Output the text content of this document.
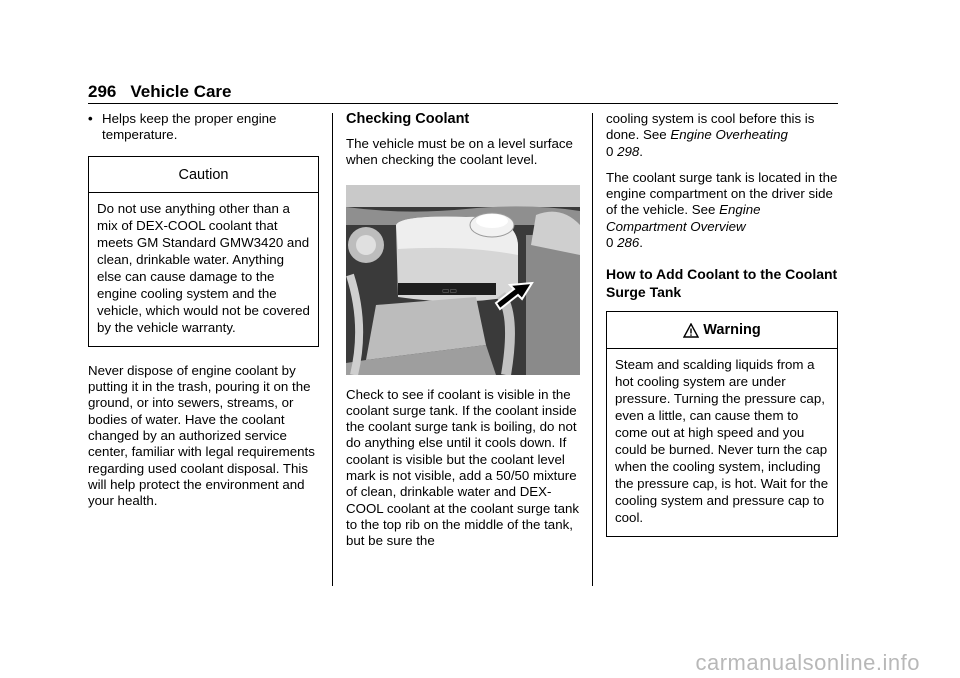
296 Vehicle Care
• Helps keep the proper engine temperature.
Caution
Do not use anything other than a mix of DEX-COOL coolant that meets GM Standard GMW3420 and clean, drinkable water. Anything else can cause damage to the engine cooling system and the vehicle, which would not be covered by the vehicle warranty.

Never dispose of engine coolant by putting it in the trash, pouring it on the ground, or into sewers, streams, or bodies of water. Have the coolant changed by an authorized service center, familiar with legal requirements regarding used coolant disposal. This will help protect the environment and your health.

Checking Coolant

The vehicle must be on a level surface when checking the coolant level.

▭▭

Check to see if coolant is visible in the coolant surge tank. If the coolant inside the coolant surge tank is boiling, do not do anything else until it cools down. If coolant is visible but the coolant level mark is not visible, add a 50/50 mixture of clean, drinkable water and DEX-COOL coolant at the coolant surge tank to the top rib on the middle of the tank, but be sure the

cooling system is cool before this is done. See Engine Overheating
0 298.

The coolant surge tank is located in the engine compartment on the driver side of the vehicle. See Engine Compartment Overview
0 286.

How to Add Coolant to the Coolant Surge Tank
Warning
Steam and scalding liquids from a hot cooling system are under pressure. Turning the pressure cap, even a little, can cause them to come out at high speed and you could be burned. Never turn the cap when the cooling system, including the pressure cap, is hot. Wait for the cooling system and pressure cap to cool.
carmanualsonline.info
